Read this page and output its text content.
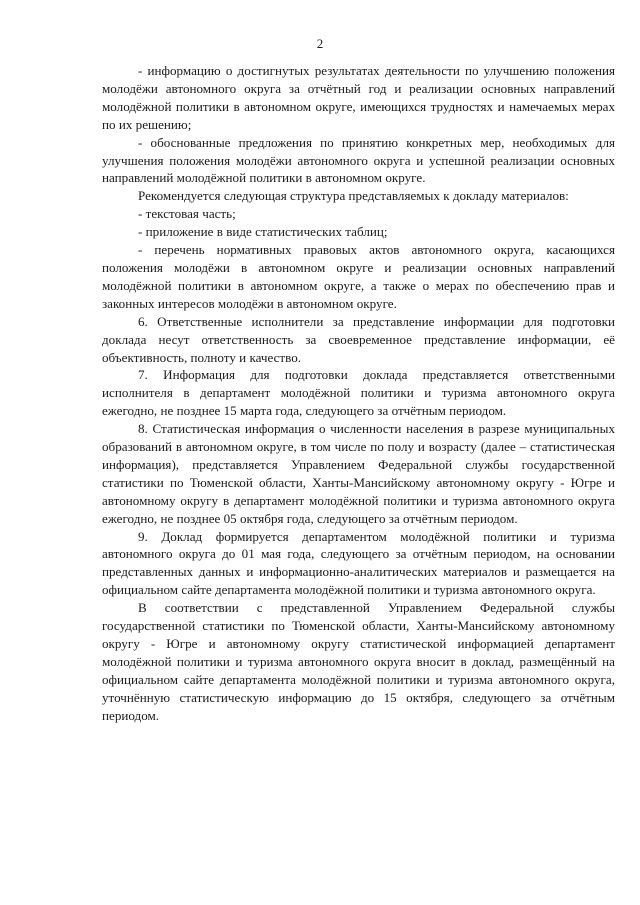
2

- информацию о достигнутых результатах деятельности по улучшению положения молодёжи автономного округа за отчётный год и реализации основных направлений молодёжной политики в автономном округе, имеющихся трудностях и намечаемых мерах по их решению;

- обоснованные предложения по принятию конкретных мер, необходимых для улучшения положения молодёжи автономного округа и успешной реализации основных направлений молодёжной политики в автономном округе.

Рекомендуется следующая структура представляемых к докладу материалов:

- текстовая часть;

- приложение в виде статистических таблиц;

- перечень нормативных правовых актов автономного округа, касающихся положения молодёжи в автономном округе и реализации основных направлений молодёжной политики в автономном округе, а также о мерах по обеспечению прав и законных интересов молодёжи в автономном округе.

6. Ответственные исполнители за представление информации для подготовки доклада несут ответственность за своевременное представление информации, её объективность, полноту и качество.

7. Информация для подготовки доклада представляется ответственными исполнителя в департамент молодёжной политики и туризма автономного округа ежегодно, не позднее 15 марта года, следующего за отчётным периодом.

8. Статистическая информация о численности населения в разрезе муниципальных образований в автономном округе, в том числе по полу и возрасту (далее – статистическая информация), представляется Управлением Федеральной службы государственной статистики по Тюменской области, Ханты-Мансийскому автономному округу - Югре и автономному округу в департамент молодёжной политики и туризма автономного округа ежегодно, не позднее 05 октября года, следующего за отчётным периодом.

9. Доклад формируется департаментом молодёжной политики и туризма автономного округа до 01 мая года, следующего за отчётным периодом, на основании представленных данных и информационно-аналитических материалов и размещается на официальном сайте департамента молодёжной политики и туризма автономного округа.

В соответствии с представленной Управлением Федеральной службы государственной статистики по Тюменской области, Ханты-Мансийскому автономному округу - Югре и автономному округу статистической информацией департамент молодёжной политики и туризма автономного округа вносит в доклад, размещённый на официальном сайте департамента молодёжной политики и туризма автономного округа, уточнённую статистическую информацию до 15 октября, следующего за отчётным периодом.
